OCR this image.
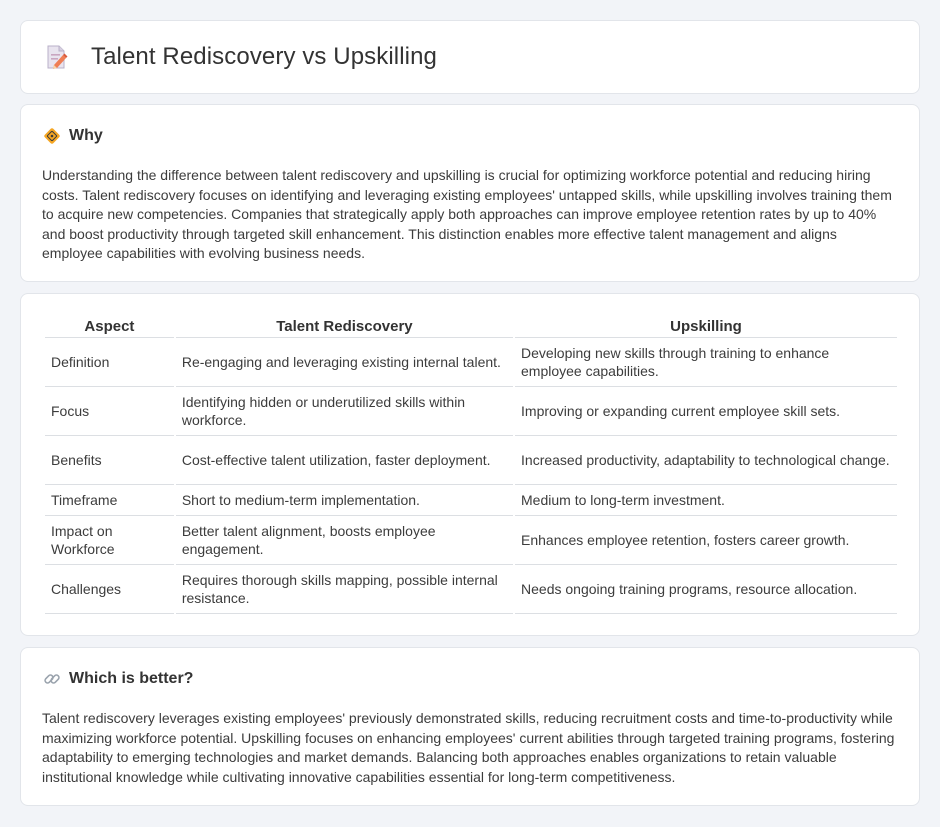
Talent Rediscovery vs Upskilling
Why

Understanding the difference between talent rediscovery and upskilling is crucial for optimizing workforce potential and reducing hiring costs. Talent rediscovery focuses on identifying and leveraging existing employees' untapped skills, while upskilling involves training them to acquire new competencies. Companies that strategically apply both approaches can improve employee retention rates by up to 40% and boost productivity through targeted skill enhancement. This distinction enables more effective talent management and aligns employee capabilities with evolving business needs.

Aspect	Talent Rediscovery	Upskilling
Definition	Re-engaging and leveraging existing internal talent.	Developing new skills through training to enhance employee capabilities.
Focus	Identifying hidden or underutilized skills within workforce.	Improving or expanding current employee skill sets.
Benefits	Cost-effective talent utilization, faster deployment.	Increased productivity, adaptability to technological change.
Timeframe	Short to medium-term implementation.	Medium to long-term investment.
Impact on Workforce	Better talent alignment, boosts employee engagement.	Enhances employee retention, fosters career growth.
Challenges	Requires thorough skills mapping, possible internal resistance.	Needs ongoing training programs, resource allocation.
Which is better?

Talent rediscovery leverages existing employees' previously demonstrated skills, reducing recruitment costs and time-to-productivity while maximizing workforce potential. Upskilling focuses on enhancing employees' current abilities through targeted training programs, fostering adaptability to emerging technologies and market demands. Balancing both approaches enables organizations to retain valuable institutional knowledge while cultivating innovative capabilities essential for long-term competitiveness.
